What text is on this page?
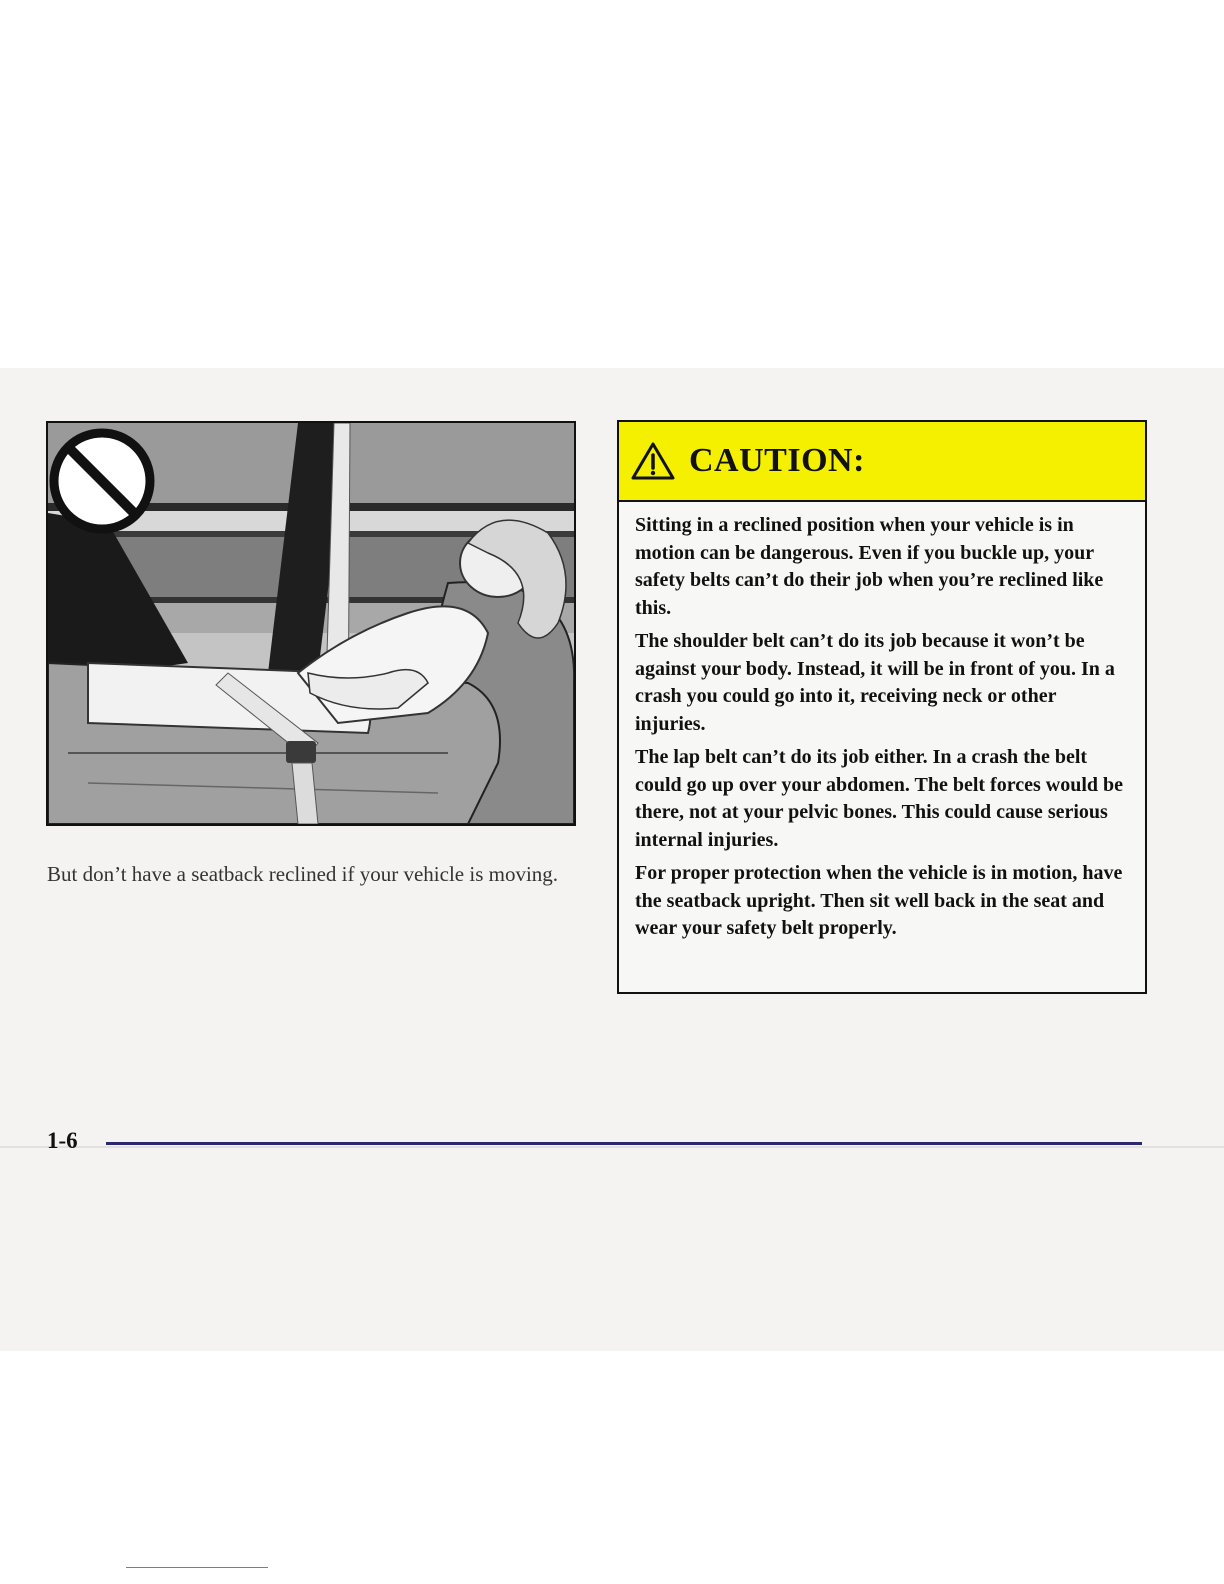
But don’t have a seatback reclined if your vehicle is moving.
CAUTION:

Sitting in a reclined position when your vehicle is in motion can be dangerous. Even if you buckle up, your safety belts can’t do their job when you’re reclined like this.

The shoulder belt can’t do its job because it won’t be against your body. Instead, it will be in front of you. In a crash you could go into it, receiving neck or other injuries.

The lap belt can’t do its job either. In a crash the belt could go up over your abdomen. The belt forces would be there, not at your pelvic bones. This could cause serious internal injuries.

For proper protection when the vehicle is in motion, have the seatback upright. Then sit well back in the seat and wear your safety belt properly.

1-6
